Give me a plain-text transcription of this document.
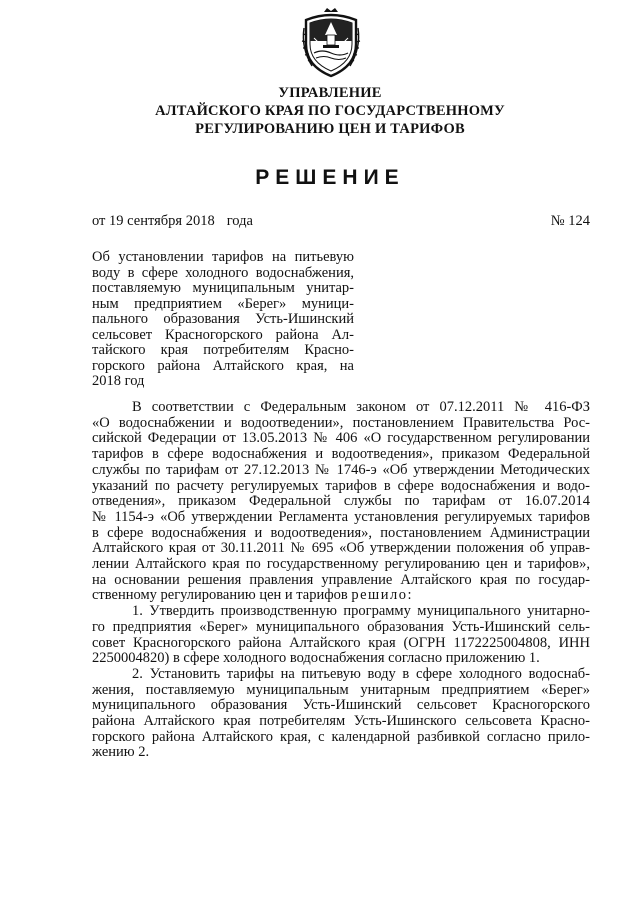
УПРАВЛЕНИЕ
АЛТАЙСКОГО КРАЯ ПО ГОСУДАРСТВЕННОМУ
РЕГУЛИРОВАНИЮ ЦЕН И ТАРИФОВ
РЕШЕНИЕ
от 19 сентября 2018 года	№ 124
Об установлении тарифов на питьевую
воду в сфере холодного водоснабжения,
поставляемую муниципальным унитар-
ным предприятием «Берег» муници-
пального образования Усть-Ишинский
сельсовет Красногорского района Ал-
тайского края потребителям Красно-
горского района Алтайского края, на
2018 год
В соответствии с Федеральным законом от 07.12.2011 № 416-ФЗ
«О водоснабжении и водоотведении», постановлением Правительства Рос-
сийской Федерации от 13.05.2013 № 406 «О государственном регулировании
тарифов в сфере водоснабжения и водоотведения», приказом Федеральной
службы по тарифам от 27.12.2013 № 1746-э «Об утверждении Методических
указаний по расчету регулируемых тарифов в сфере водоснабжения и водо-
отведения», приказом Федеральной службы по тарифам от 16.07.2014
№ 1154-э «Об утверждении Регламента установления регулируемых тарифов
в сфере водоснабжения и водоотведения», постановлением Администрации
Алтайского края от 30.11.2011 № 695 «Об утверждении положения об управ-
лении Алтайского края по государственному регулированию цен и тарифов»,
на основании решения правления управление Алтайского края по государ-
ственному регулированию цен и тарифов решило:
1. Утвердить производственную программу муниципального унитарно-
го предприятия «Берег» муниципального образования Усть-Ишинский сель-
совет Красногорского района Алтайского края (ОГРН 1172225004808, ИНН
2250004820) в сфере холодного водоснабжения согласно приложению 1.
2. Установить тарифы на питьевую воду в сфере холодного водоснаб-
жения, поставляемую муниципальным унитарным предприятием «Берег»
муниципального образования Усть-Ишинский сельсовет Красногорского
района Алтайского края потребителям Усть-Ишинского сельсовета Красно-
горского района Алтайского края, с календарной разбивкой согласно прило-
жению 2.
